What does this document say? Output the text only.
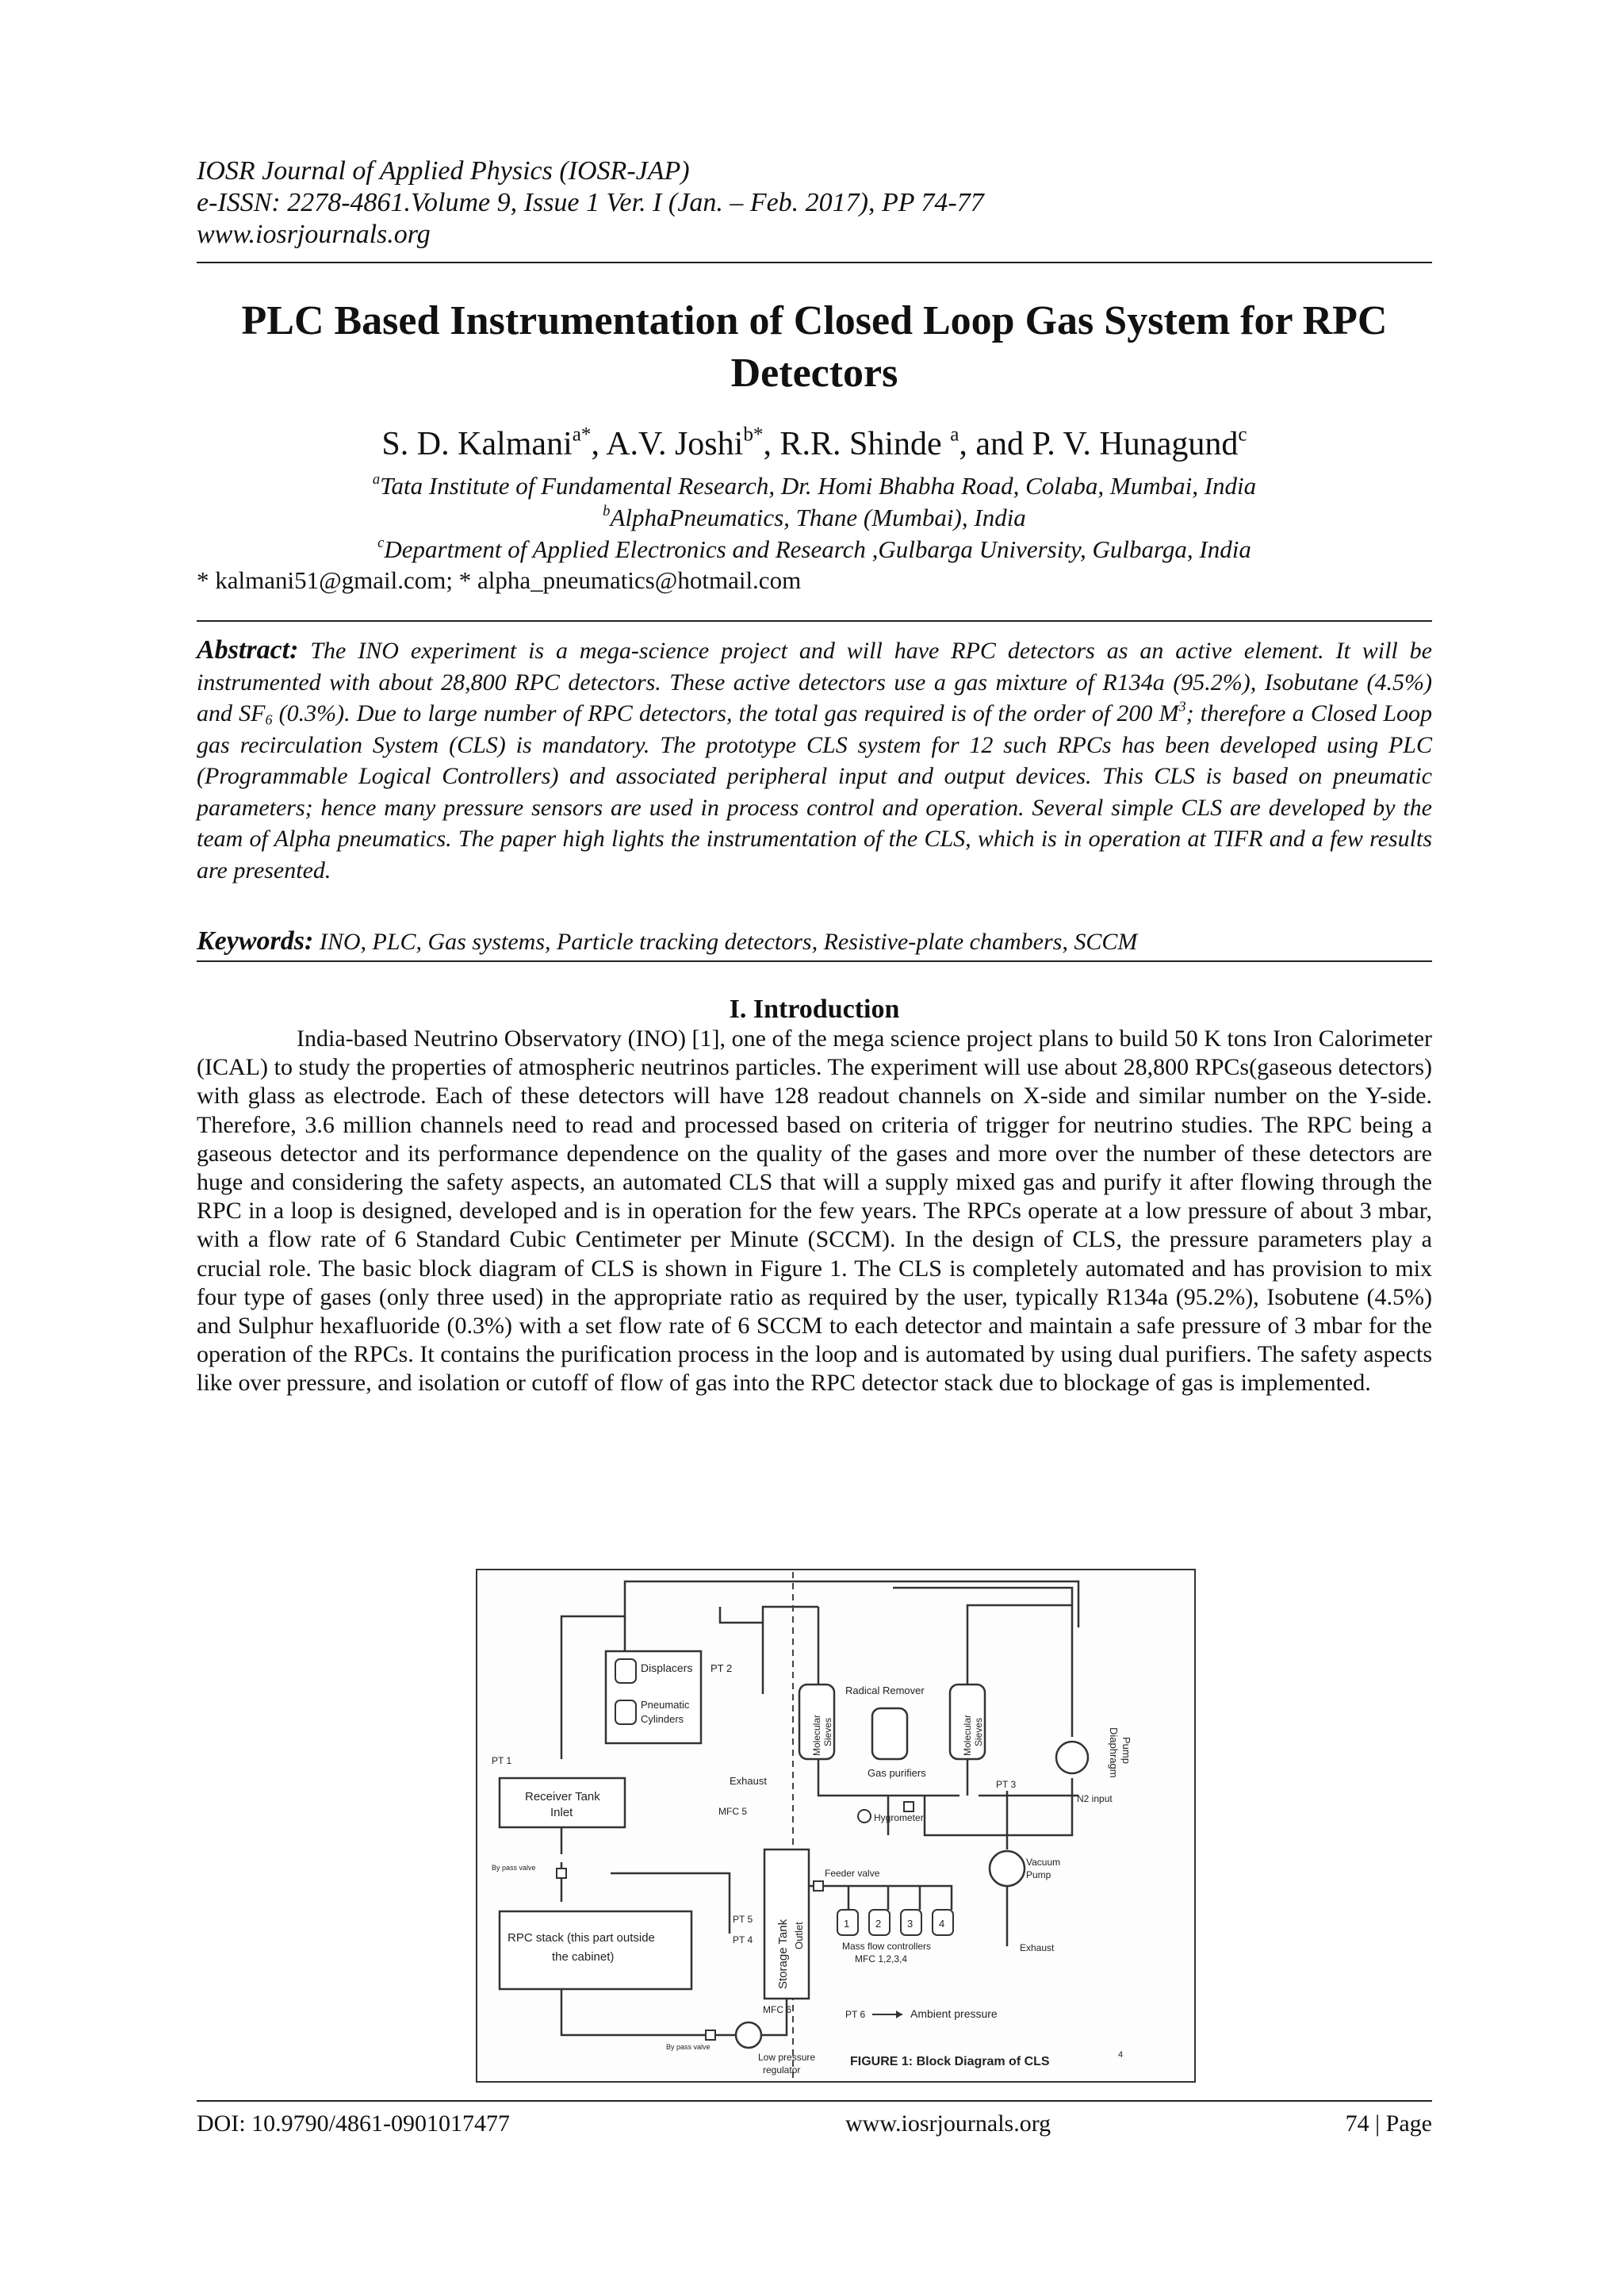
IOSR Journal of Applied Physics (IOSR-JAP)
e-ISSN: 2278-4861.Volume 9, Issue 1 Ver. I (Jan. – Feb. 2017), PP 74-77
www.iosrjournals.org
PLC Based Instrumentation of Closed Loop Gas System for RPC
Detectors
S. D. Kalmani$^{a*}$, A.V. Joshi$^{b*}$, R.R. Shinde $^a$, and P. V. Hunagund$^c$
$^a$Tata Institute of Fundamental Research, Dr. Homi Bhabha Road, Colaba, Mumbai, India
$^b$AlphaPneumatics, Thane (Mumbai), India
$^c$Department of Applied Electronics and Research ,Gulbarga University, Gulbarga, India
* kalmani51@gmail.com; * alpha_pneumatics@hotmail.com
Abstract: The INO experiment is a mega-science project and will have RPC detectors as an active element. It will be instrumented with about 28,800 RPC detectors. These active detectors use a gas mixture of R134a (95.2%), Isobutane (4.5%) and $SF_6$ (0.3%). Due to large number of RPC detectors, the total gas required is of the order of 200 $M^3$; therefore a Closed Loop gas recirculation System (CLS) is mandatory. The prototype CLS system for 12 such RPCs has been developed using PLC (Programmable Logical Controllers) and associated peripheral input and output devices. This CLS is based on pneumatic parameters; hence many pressure sensors are used in process control and operation. Several simple CLS are developed by the team of Alpha pneumatics. The paper high lights the instrumentation of the CLS, which is in operation at TIFR and a few results are presented.
Keywords: INO, PLC, Gas systems, Particle tracking detectors, Resistive-plate chambers, SCCM
I. Introduction
India-based Neutrino Observatory (INO) [1], one of the mega science project plans to build 50 K tons Iron Calorimeter (ICAL) to study the properties of atmospheric neutrinos particles. The experiment will use about 28,800 RPCs(gaseous detectors) with glass as electrode. Each of these detectors will have 128 readout channels on X-side and similar number on the Y-side. Therefore, 3.6 million channels need to read and processed based on criteria of trigger for neutrino studies. The RPC being a gaseous detector and its performance dependence on the quality of the gases and more over the number of these detectors are huge and considering the safety aspects, an automated CLS that will a supply mixed gas and purify it after flowing through the RPC in a loop is designed, developed and is in operation for the few years. The RPCs operate at a low pressure of about 3 mbar, with a flow rate of 6 Standard Cubic Centimeter per Minute (SCCM). In the design of CLS, the pressure parameters play a crucial role. The basic block diagram of CLS is shown in Figure 1. The CLS is completely automated and has provision to mix four type of gases (only three used) in the appropriate ratio as required by the user, typically R134a (95.2%), Isobutene (4.5%) and Sulphur hexafluoride (0.3%) with a set flow rate of 6 SCCM to each detector and maintain a safe pressure of 3 mbar for the operation of the RPCs. It contains the purification process in the loop and is automated by using dual purifiers. The safety aspects like over pressure, and isolation or cutoff of flow of gas into the RPC detector stack due to blockage of gas is implemented.
Displacers
Pneumatic
Cylinders
PT 2
Molecular Sieves
Radical Remover
Molecular Sieves
Gas purifiers	Diaphragm Pump
PT 1
Receiver Tank
Inlet
By pass valve
RPC stack (this part outside
the cabinet)
By pass valve
Low pressure
regulator
Exhaust
MFC 5
Storage Tank Outlet
PT 5
PT 4
MFC 6
Hygrometer
Feeder valve
1	2	3	4
Mass flow controllers
MFC 1,2,3,4
PT 3
N2 input
Vacuum
Pump
Exhaust
PT 6	Ambient pressure
FIGURE 1: Block Diagram of CLS	4
DOI: 10.9790/4861-0901017477	www.iosrjournals.org	74 | Page
